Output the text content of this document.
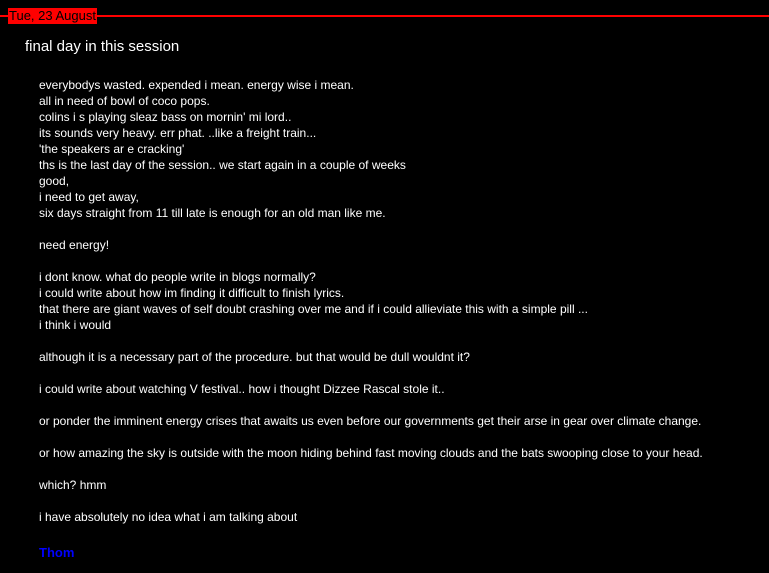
Tue, 23 August
final day in this session
everybodys wasted. expended i mean. energy wise i mean.
all in need of bowl of coco pops.
colins i s playing sleaz bass on mornin' mi lord..
its sounds very heavy. err phat. ..like a freight train...
'the speakers ar e cracking'
ths is the last day of the session.. we start again in a couple of weeks
good,
i need to get away,
six days straight from 11 till late is enough for an old man like me.
need energy!
i dont know. what do people write in blogs normally?
i could write about how im finding it difficult to finish lyrics.
that there are giant waves of self doubt crashing over me and if i could allieviate this with a simple pill ...
i think i would
although it is a necessary part of the procedure. but that would be dull wouldnt it?
i could write about watching V festival.. how i thought Dizzee Rascal stole it..
or ponder the imminent energy crises that awaits us even before our governments get their arse in gear over climate change.
or how amazing the sky is outside with the moon hiding behind fast moving clouds and the bats swooping close to your head.
which? hmm
i have absolutely no idea what i am talking about
Thom
